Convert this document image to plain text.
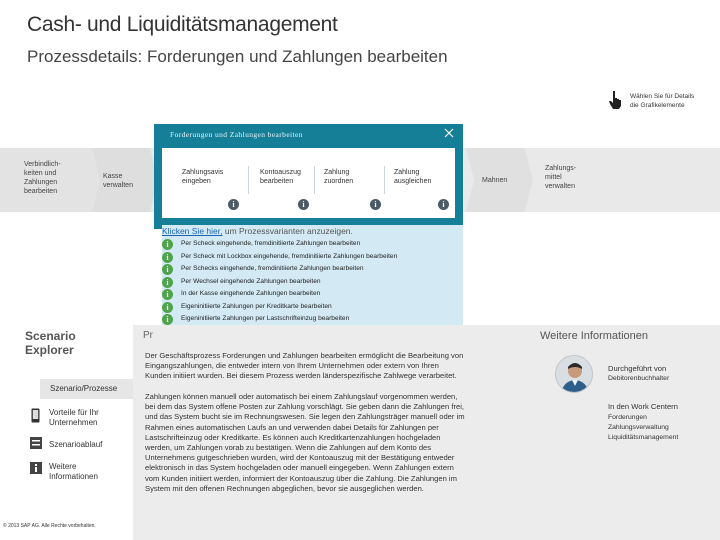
Cash- und Liquiditätsmanagement
Prozessdetails: Forderungen und Zahlungen bearbeiten
Wählen Sie für Details
die Grafikelemente
Verbindlich-
keiten und
Zahlungen
bearbeiten
Kasse
verwalten
Mahnen
Zahlungs-
mittel
verwalten
Forderungen und Zahlungen bearbeiten
Zahlungsavis
eingeben
Kontoauszug
bearbeiten
Zahlung
zuordnen
Zahlung
ausgleichen
i
i
i
i
Klicken Sie hier, um Prozessvarianten anzuzeigen.
i
Per Scheck eingehende, fremdinitiierte Zahlungen bearbeiten
i
Per Scheck mit Lockbox eingehende, fremdinitiierte Zahlungen bearbeiten
i
Per Schecks eingehende, fremdinitiierte Zahlungen bearbeiten
i
Per Wechsel eingehende Zahlungen bearbeiten
i
In der Kasse eingehende Zahlungen bearbeiten
i
Eigeninitiierte Zahlungen per Kreditkarte bearbeiten
i
Eigeninitiierte Zahlungen per Lastschrifteinzug bearbeiten
Scenario
Explorer
Szenario/Prozesse
Vorteile für Ihr
Unternehmen
Szenarioablauf
Weitere
Informationen
© 2013 SAP AG. Alle Rechte vorbehalten.
Pr
Der Geschäftsprozess Forderungen und Zahlungen bearbeiten ermöglicht die Bearbeitung von Eingangszahlungen, die entweder intern von Ihrem Unternehmen oder extern von Ihren Kunden initiiert wurden. Bei diesem Prozess werden länderspezifische Zahlwege verarbeitet.
Zahlungen können manuell oder automatisch bei einem Zahlungslauf vorgenommen werden, bei dem das System offene Posten zur Zahlung vorschlägt. Sie geben dann die Zahlungen frei, und das System bucht sie im Rechnungswesen. Sie legen den Zahlungsträger manuell oder im Rahmen eines automatischen Laufs an und verwenden dabei Details für Zahlungen per Lastschrifteinzug oder Kreditkarte. Es können auch Kreditkartenzahlungen hochgeladen werden, um Zahlungen vorab zu bestätigen. Wenn die Zahlungen auf dem Konto des Unternehmens gutgeschrieben wurden, wird der Kontoauszug mit der Bestätigung entweder elektronisch in das System hochgeladen oder manuell eingegeben. Wenn Zahlungen extern vom Kunden initiiert werden, informiert der Kontoauszug über die Zahlung. Die Zahlungen im System mit den offenen Rechnungen abgeglichen, bevor sie ausgeglichen werden.
Weitere Informationen
Durchgeführt von
Debitorenbuchhalter
In den Work Centern
Forderungen
Zahlungsverwaltung
Liquiditätsmanagement
